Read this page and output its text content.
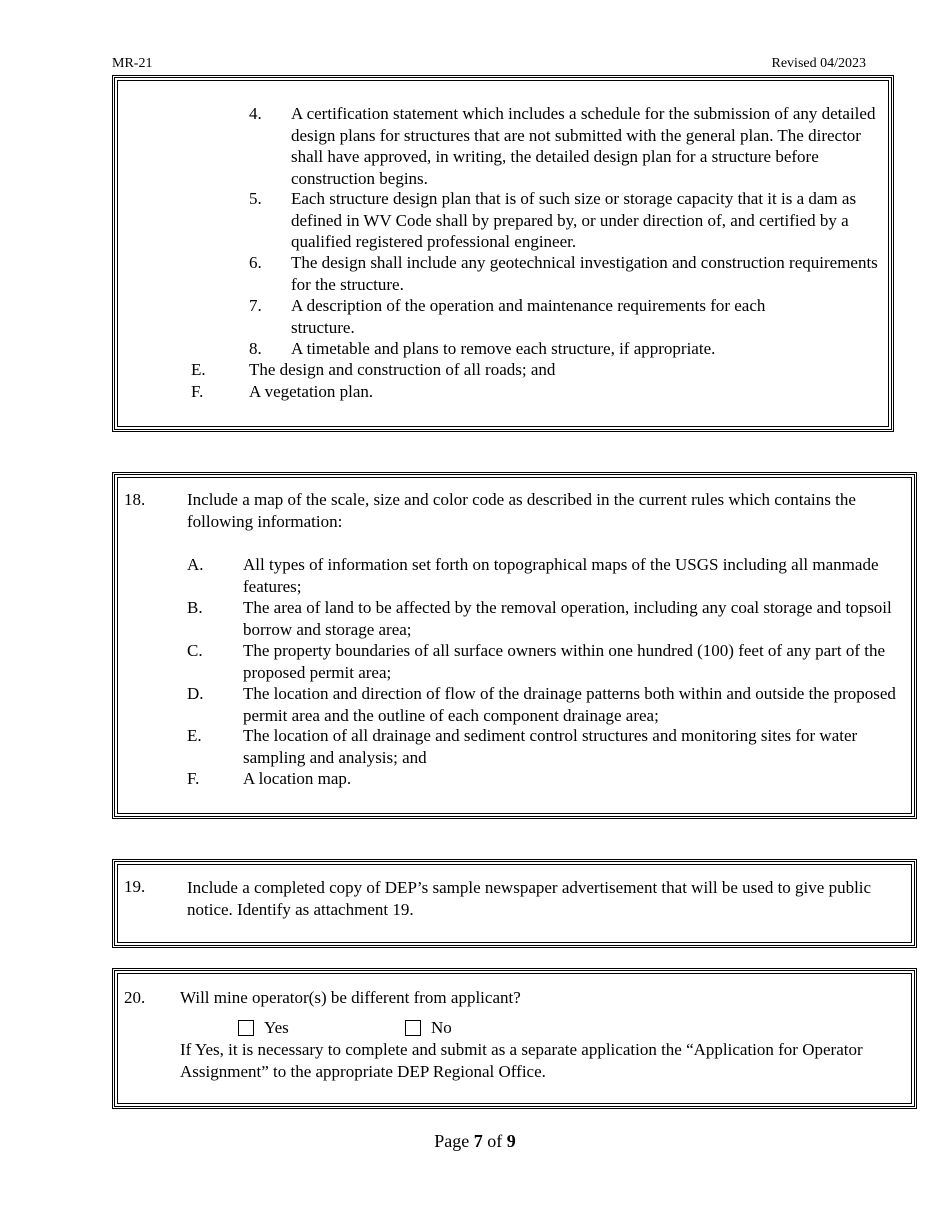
MR-21	Revised 04/2023
4. A certification statement which includes a schedule for the submission of any detailed design plans for structures that are not submitted with the general plan. The director shall have approved, in writing, the detailed design plan for a structure before construction begins.
5. Each structure design plan that is of such size or storage capacity that it is a dam as defined in WV Code shall by prepared by, or under direction of, and certified by a qualified registered professional engineer.
6. The design shall include any geotechnical investigation and construction requirements for the structure.
7. A description of the operation and maintenance requirements for each structure.
8. A timetable and plans to remove each structure, if appropriate.
E.	The design and construction of all roads; and
F.	A vegetation plan.
18. Include a map of the scale, size and color code as described in the current rules which contains the following information:
A. All types of information set forth on topographical maps of the USGS including all manmade features;
B. The area of land to be affected by the removal operation, including any coal storage and topsoil borrow and storage area;
C. The property boundaries of all surface owners within one hundred (100) feet of any part of the proposed permit area;
D. The location and direction of flow of the drainage patterns both within and outside the proposed permit area and the outline of each component drainage area;
E. The location of all drainage and sediment control structures and monitoring sites for water sampling and analysis; and
F.	A location map.
19. Include a completed copy of DEP’s sample newspaper advertisement that will be used to give public notice. Identify as attachment 19.
20. Will mine operator(s) be different from applicant?
Yes	No
If Yes, it is necessary to complete and submit as a separate application the “Application for Operator Assignment” to the appropriate DEP Regional Office.
Page 7 of 9
